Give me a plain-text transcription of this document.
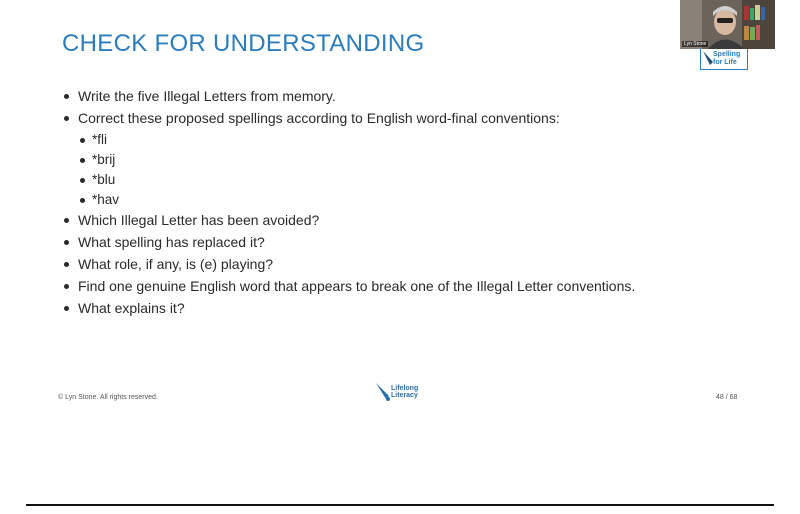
CHECK FOR UNDERSTANDING
Write the five Illegal Letters from memory.
Correct these proposed spellings according to English word-final conventions:
*fli
*brij
*blu
*hav
Which Illegal Letter has been avoided?
What spelling has replaced it?
What role, if any, is (e) playing?
Find one genuine English word that appears to break one of the Illegal Letter conventions.
What explains it?
© Lyn Stone. All rights reserved.
Lifelong
Literacy	48 / 68
Spelling
for Life
Lyn Stone
